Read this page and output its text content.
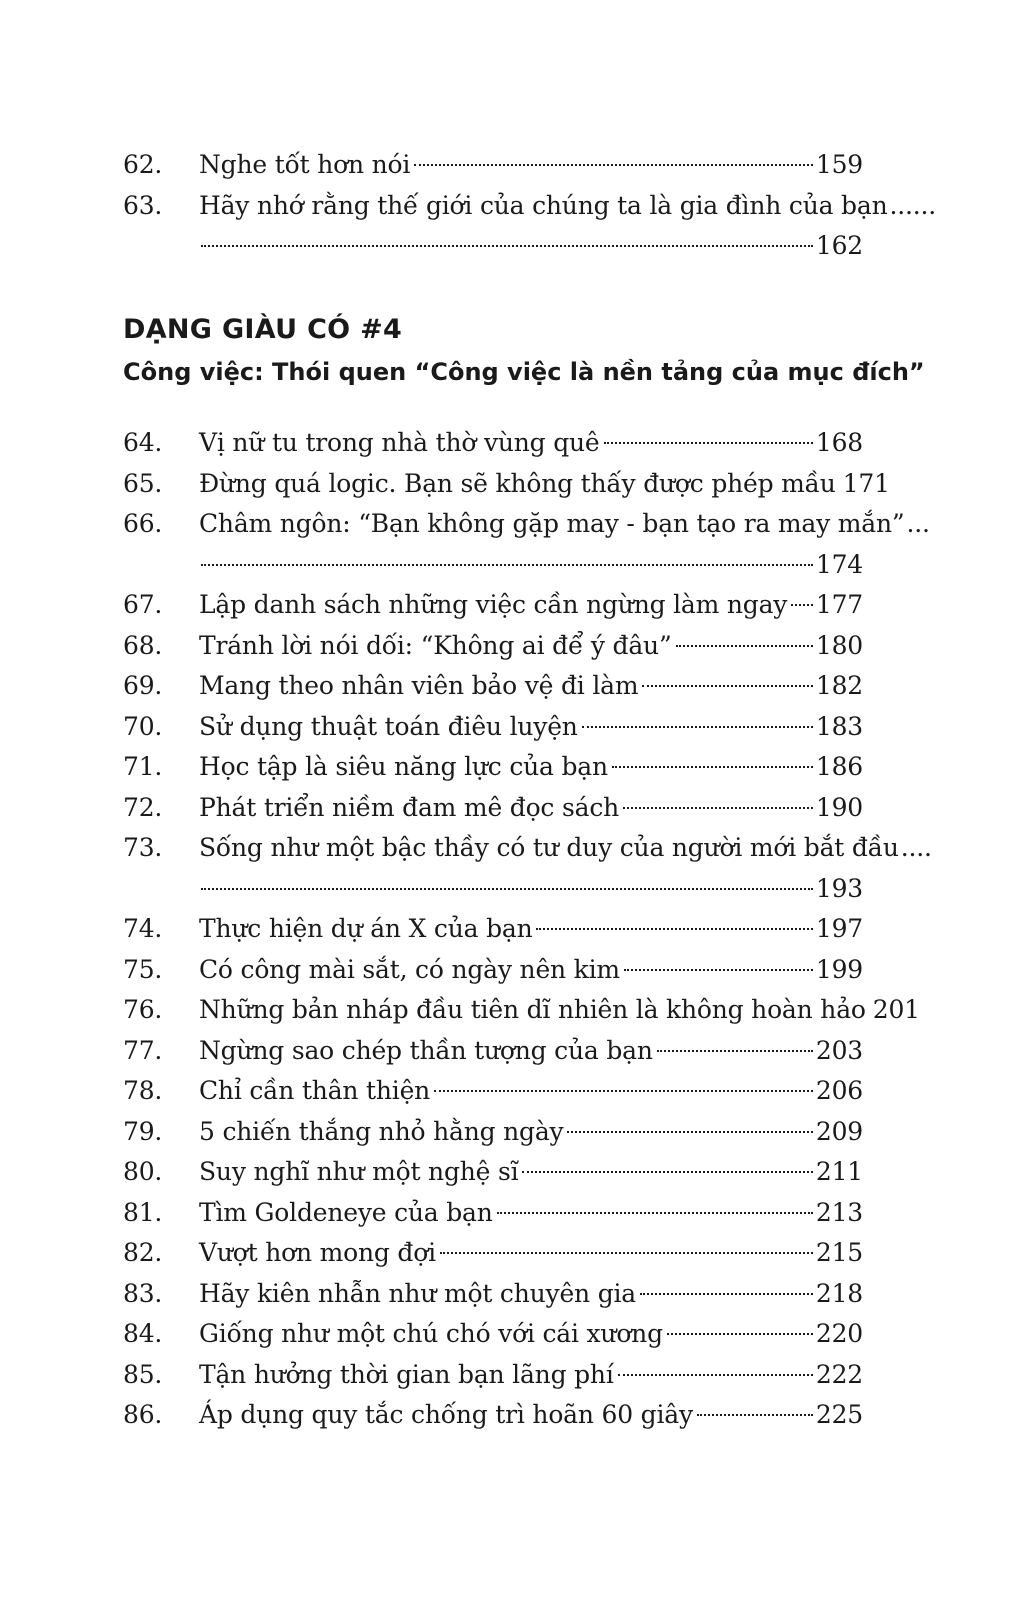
62.	Nghe tốt hơn nói	159
63.	Hãy nhớ rằng thế giới của chúng ta là gia đình của bạn ......
162
DẠNG GIÀU CÓ #4
Công việc: Thói quen “Công việc là nền tảng của mục đích”
64.	Vị nữ tu trong nhà thờ vùng quê	168
65.	Đừng quá logic. Bạn sẽ không thấy được phép mầu 171
66.	Châm ngôn: “Bạn không gặp may - bạn tạo ra may mắn” ...
174
67.	Lập danh sách những việc cần ngừng làm ngay 177
68.	Tránh lời nói dối: “Không ai để ý đâu”	180
69.	Mang theo nhân viên bảo vệ đi làm	182
70.	Sử dụng thuật toán điêu luyện	183
71.	Học tập là siêu năng lực của bạn	186
72.	Phát triển niềm đam mê đọc sách	190
73.	Sống như một bậc thầy có tư duy của người mới bắt đầu ....
193
74.	Thực hiện dự án X của bạn	197
75.	Có công mài sắt, có ngày nên kim	199
76.	Những bản nháp đầu tiên dĩ nhiên là không hoàn hảo 201
77.	Ngừng sao chép thần tượng của bạn	203
78.	Chỉ cần thân thiện	206
79.	5 chiến thắng nhỏ hằng ngày	209
80.	Suy nghĩ như một nghệ sĩ	211
81.	Tìm Goldeneye của bạn	213
82.	Vượt hơn mong đợi	215
83.	Hãy kiên nhẫn như một chuyên gia	218
84.	Giống như một chú chó với cái xương	220
85.	Tận hưởng thời gian bạn lãng phí	222
86.	Áp dụng quy tắc chống trì hoãn 60 giây	225
